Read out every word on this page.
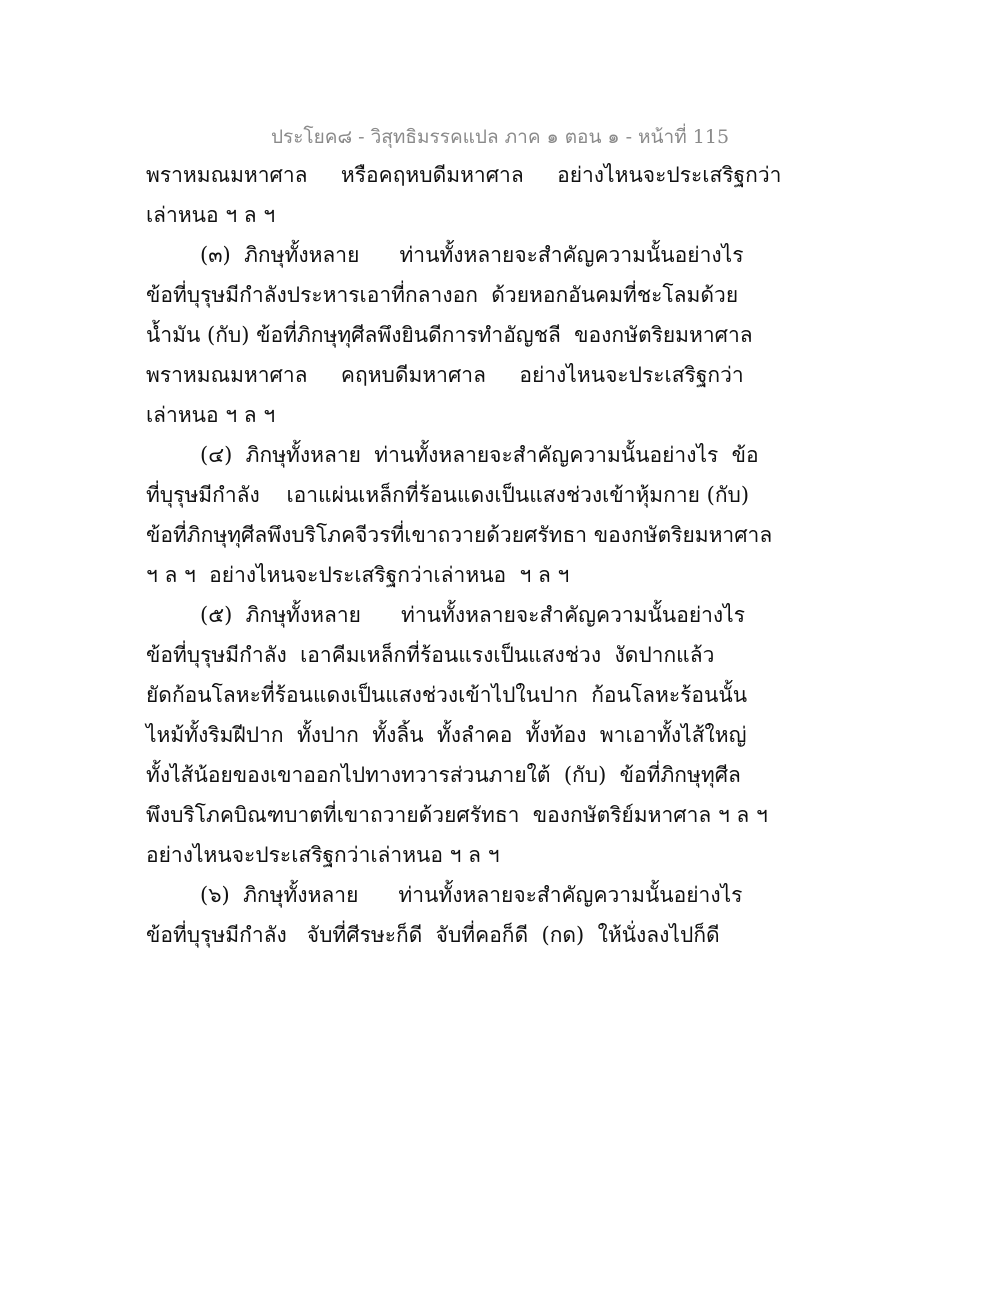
ประโยค๘ - วิสุทธิมรรคแปล ภาค ๑ ตอน ๑ - หน้าที่ 115
พราหมณมหาศาล     หรือคฤหบดีมหาศาล     อย่างไหนจะประเสริฐกว่า
เล่าหนอ ฯ ล ฯ
(๓)  ภิกษุทั้งหลาย      ท่านทั้งหลายจะสำคัญความนั้นอย่างไร
ข้อที่บุรุษมีกำลังประหารเอาที่กลางอก  ด้วยหอกอันคมที่ชะโลมด้วย
น้ำมัน (กับ) ข้อที่ภิกษุทุศีลพึงยินดีการทำอัญชลี  ของกษัตริยมหาศาล
พราหมณมหาศาล     คฤหบดีมหาศาล     อย่างไหนจะประเสริฐกว่า
เล่าหนอ ฯ ล ฯ
(๔)  ภิกษุทั้งหลาย  ท่านทั้งหลายจะสำคัญความนั้นอย่างไร  ข้อ
ที่บุรุษมีกำลัง    เอาแผ่นเหล็กที่ร้อนแดงเป็นแสงช่วงเข้าหุ้มกาย (กับ)
ข้อที่ภิกษุทุศีลพึงบริโภคจีวรที่เขาถวายด้วยศรัทธา ของกษัตริยมหาศาล
ฯ ล ฯ  อย่างไหนจะประเสริฐกว่าเล่าหนอ  ฯ ล ฯ
(๕)  ภิกษุทั้งหลาย      ท่านทั้งหลายจะสำคัญความนั้นอย่างไร
ข้อที่บุรุษมีกำลัง  เอาคีมเหล็กที่ร้อนแรงเป็นแสงช่วง  งัดปากแล้ว
ยัดก้อนโลหะที่ร้อนแดงเป็นแสงช่วงเข้าไปในปาก  ก้อนโลหะร้อนนั้น
ไหม้ทั้งริมฝีปาก  ทั้งปาก  ทั้งลิ้น  ทั้งลำคอ  ทั้งท้อง  พาเอาทั้งไส้ใหญ่
ทั้งไส้น้อยของเขาออกไปทางทวารส่วนภายใต้  (กับ)  ข้อที่ภิกษุทุศีล
พึงบริโภคบิณฑบาตที่เขาถวายด้วยศรัทธา  ของกษัตริย์มหาศาล ฯ ล ฯ
อย่างไหนจะประเสริฐกว่าเล่าหนอ ฯ ล ฯ
(๖)  ภิกษุทั้งหลาย      ท่านทั้งหลายจะสำคัญความนั้นอย่างไร
ข้อที่บุรุษมีกำลัง   จับที่ศีรษะก็ดี  จับที่คอก็ดี  (กด)  ให้นั่งลงไปก็ดี
